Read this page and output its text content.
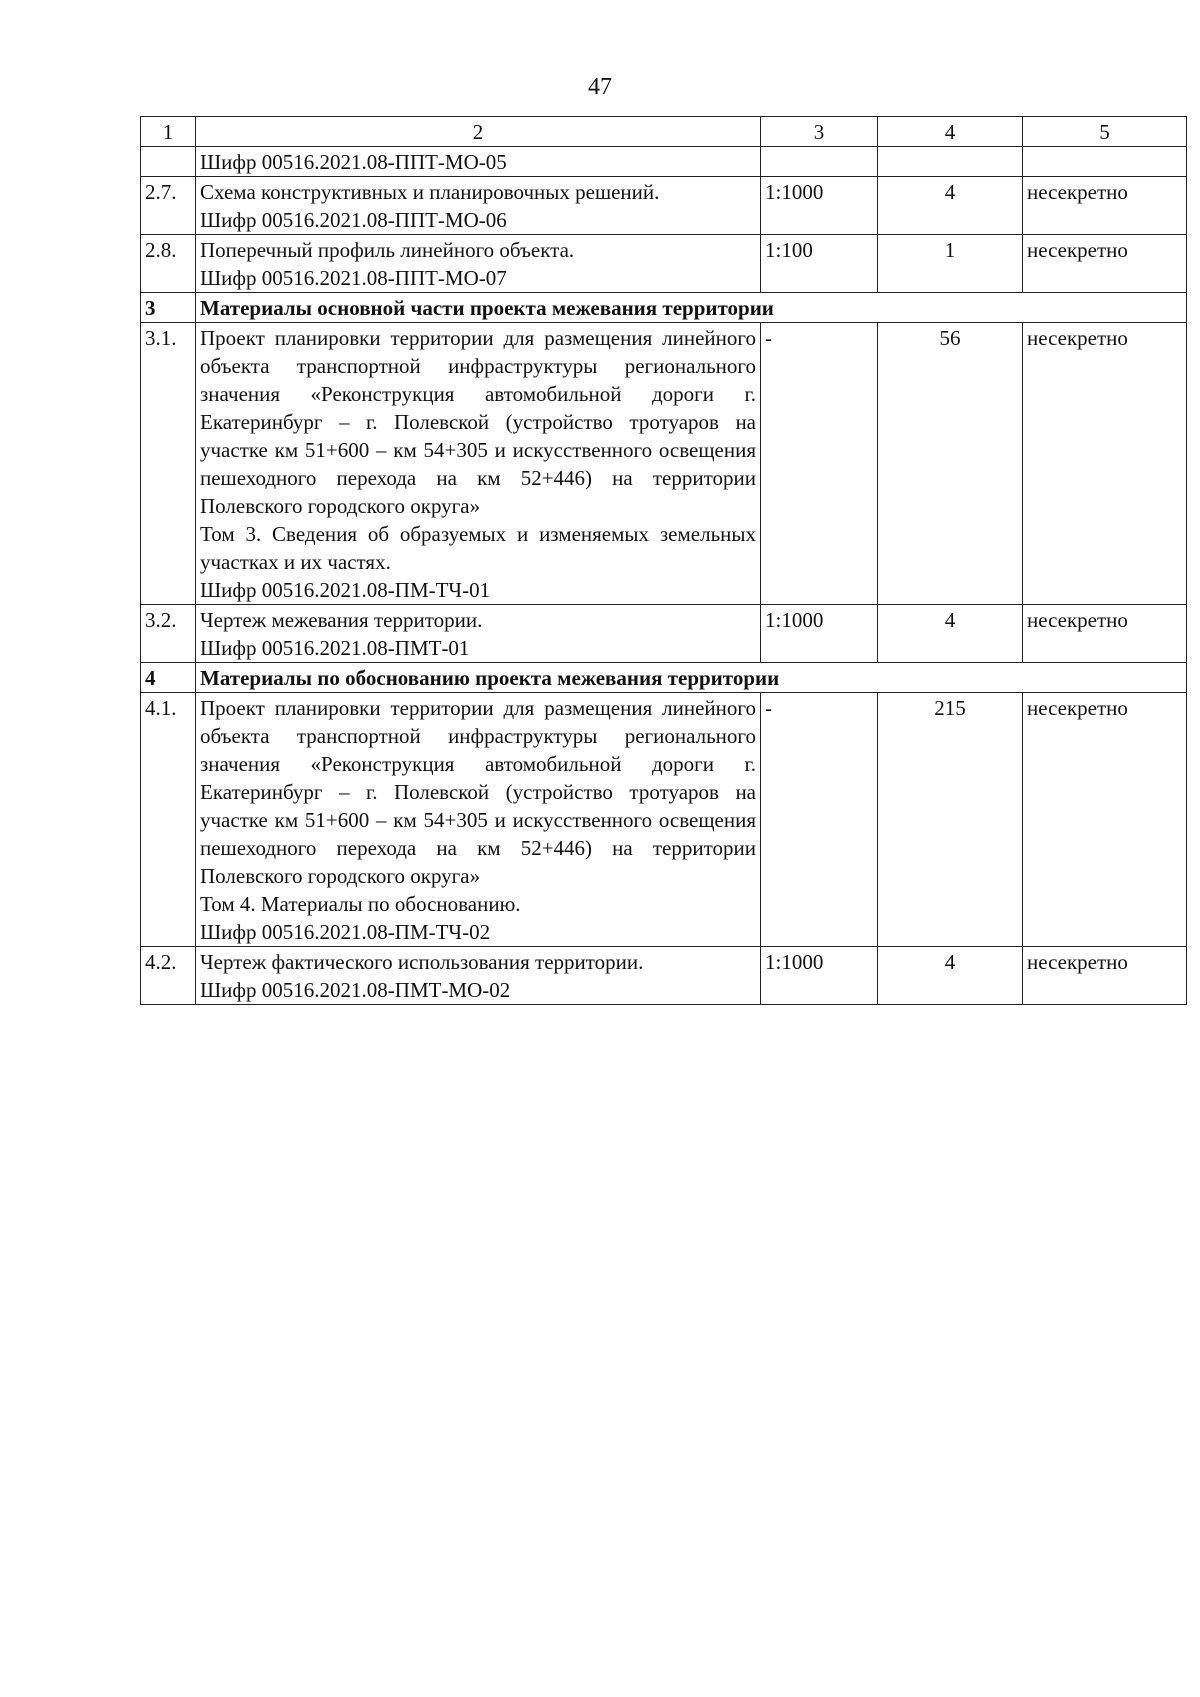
47
1	2	3	4	5

	Шифр 00516.2021.08-ППТ-МО-05			

2.7.	Схема конструктивных и планировочных решений.
Шифр 00516.2021.08-ППТ-МО-06	1:1000	4	несекретно
2.8.	Поперечный профиль линейного объекта.
Шифр 00516.2021.08-ППТ-МО-07	1:100	1	несекретно
3	Материалы основной части проекта межевания территории			
3.1.	Проект планировки территории для размещения линейного объекта транспортной инфраструктуры регионального значения «Реконструкция автомобильной дороги г. Екатеринбург – г. Полевской (устройство тротуаров на участке км 51+600 – км 54+305 и искусственного освещения пешеходного перехода на км 52+446) на территории Полевского городского округа»
Том 3. Сведения об образуемых и изменяемых земельных участках и их частях.
Шифр 00516.2021.08-ПМ-ТЧ-01	-	56	несекретно
3.2.	Чертеж межевания территории.
Шифр 00516.2021.08-ПМТ-01	1:1000	4	несекретно
4	Материалы по обоснованию проекта межевания территории			
4.1.	Проект планировки территории для размещения линейного объекта транспортной инфраструктуры регионального значения «Реконструкция автомобильной дороги г. Екатеринбург – г. Полевской (устройство тротуаров на участке км 51+600 – км 54+305 и искусственного освещения пешеходного перехода на км 52+446) на территории Полевского городского округа»
Том 4. Материалы по обоснованию.
Шифр 00516.2021.08-ПМ-ТЧ-02	-	215	несекретно
4.2.	Чертеж фактического использования территории.
Шифр 00516.2021.08-ПМТ-МО-02	1:1000	4	несекретно
